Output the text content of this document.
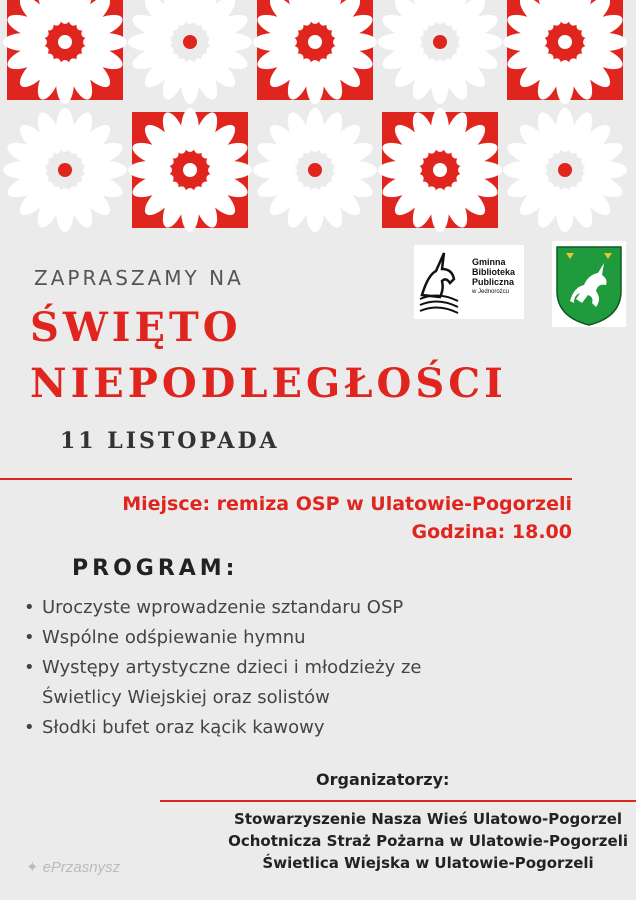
ZAPRASZAMY NA
ŚWIĘTO
NIEPODLEGŁOŚCI
11 LISTOPADA
Gminna
Biblioteka
Publiczna
w Jednorożcu
Miejsce: remiza OSP w Ulatowie-Pogorzeli
Godzina: 18.00
PROGRAM:
• Uroczyste wprowadzenie sztandaru OSP
• Wspólne odśpiewanie hymnu
• Występy artystyczne dzieci i młodzieży ze
Świetlicy Wiejskiej oraz solistów
• Słodki bufet oraz kącik kawowy
Organizatorzy:
Stowarzyszenie Nasza Wieś Ulatowo-Pogorzel
Ochotnicza Straż Pożarna w Ulatowie-Pogorzeli
Świetlica Wiejska w Ulatowie-Pogorzeli
✦ ePrzasnysz
